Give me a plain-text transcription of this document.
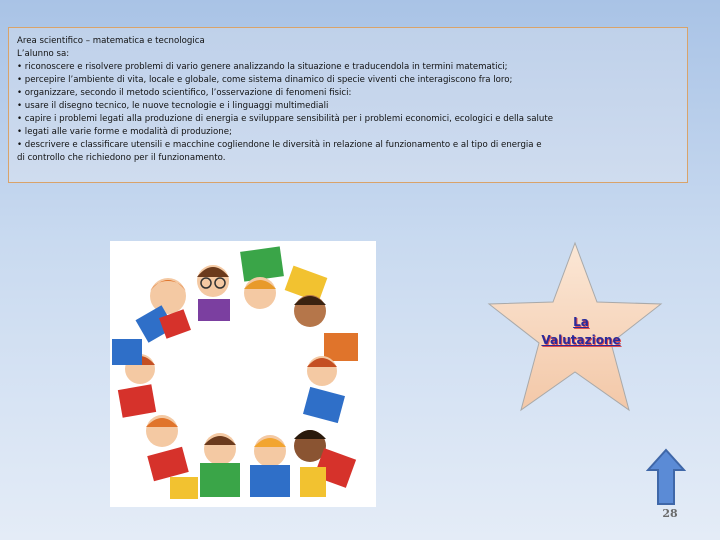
Area scientifico – matematica e tecnologica
L’alunno sa:
• riconoscere e risolvere problemi di vario genere analizzando la situazione e traducendola in termini matematici;
• percepire l’ambiente di vita, locale e globale, come sistema dinamico di specie viventi che interagiscono fra loro;
• organizzare, secondo il metodo scientifico, l’osservazione di fenomeni fisici:
• usare il disegno tecnico, le nuove tecnologie e i linguaggi multimediali
• capire i problemi legati alla produzione di energia e sviluppare sensibilità per i problemi economici, ecologici e della salute
• legati alle varie forme e modalità di produzione;
• descrivere e classificare utensili e macchine cogliendone le diversità in relazione al funzionamento e al tipo di energia e
di controllo che richiedono per il funzionamento.
La
Valutazione
28
